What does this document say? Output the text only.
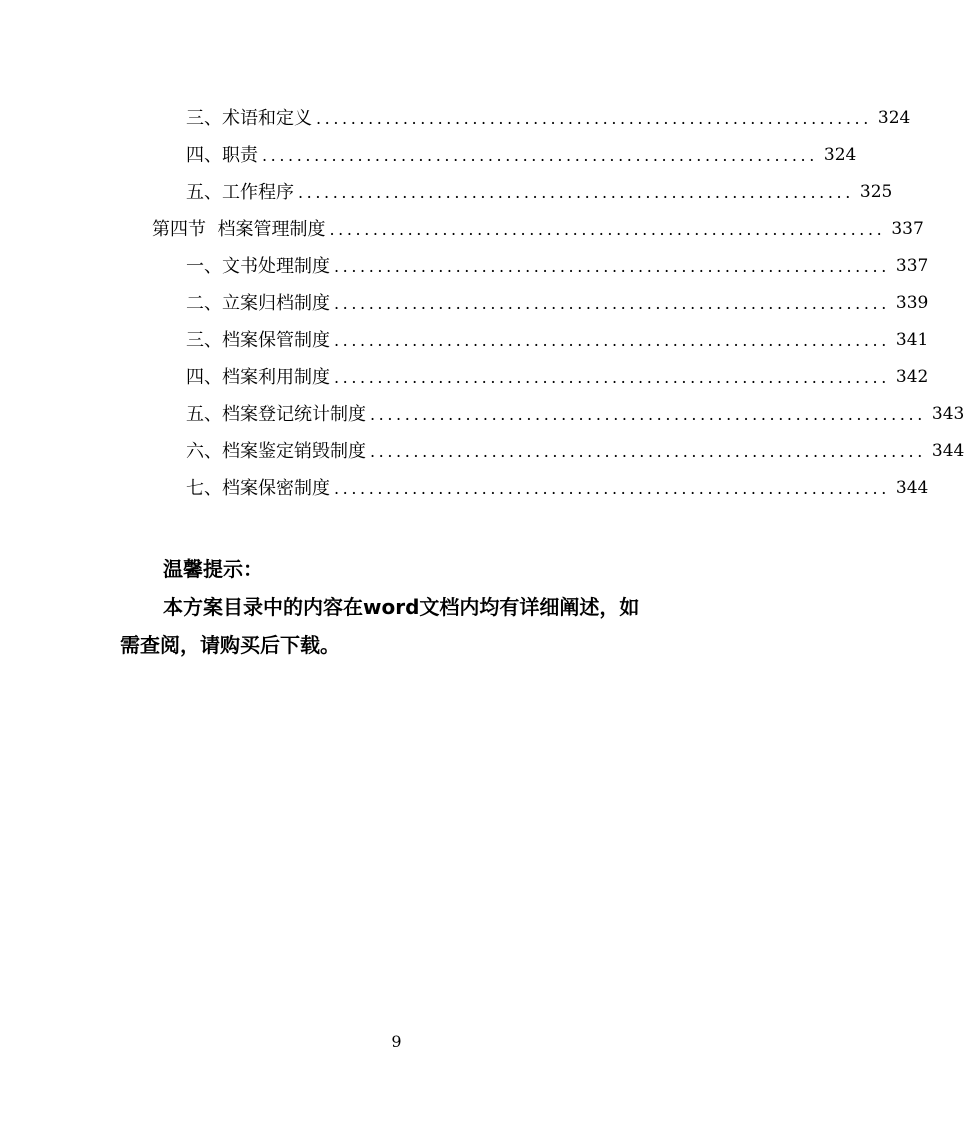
三、术语和定义 ................................................................ 324
四、职责 ................................................................ 324
五、工作程序 ................................................................ 325
第四节  档案管理制度 ................................................................ 337
一、文书处理制度 ................................................................ 337
二、立案归档制度 ................................................................ 339
三、档案保管制度 ................................................................ 341
四、档案利用制度 ................................................................ 342
五、档案登记统计制度 ................................................................ 343
六、档案鉴定销毁制度 ................................................................ 344
七、档案保密制度 ................................................................ 344
温馨提示：
本方案目录中的内容在word文档内均有详细阐述，如
需查阅，请购买后下载。
9
